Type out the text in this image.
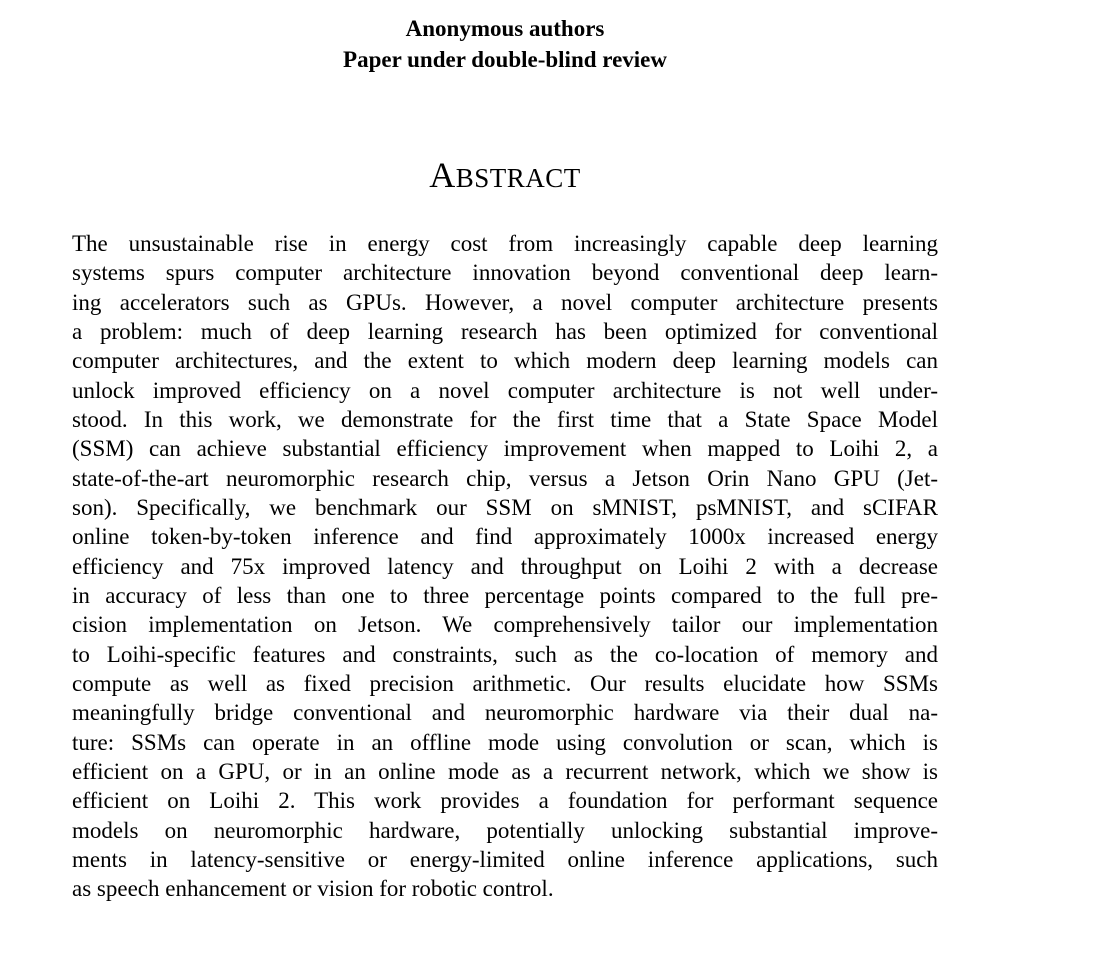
Anonymous authors
Paper under double-blind review
ABSTRACT
The unsustainable rise in energy cost from increasingly capable deep learning
systems spurs computer architecture innovation beyond conventional deep learn-
ing accelerators such as GPUs. However, a novel computer architecture presents
a problem: much of deep learning research has been optimized for conventional
computer architectures, and the extent to which modern deep learning models can
unlock improved efficiency on a novel computer architecture is not well under-
stood. In this work, we demonstrate for the first time that a State Space Model
(SSM) can achieve substantial efficiency improvement when mapped to Loihi 2, a
state-of-the-art neuromorphic research chip, versus a Jetson Orin Nano GPU (Jet-
son). Specifically, we benchmark our SSM on sMNIST, psMNIST, and sCIFAR
online token-by-token inference and find approximately 1000x increased energy
efficiency and 75x improved latency and throughput on Loihi 2 with a decrease
in accuracy of less than one to three percentage points compared to the full pre-
cision implementation on Jetson. We comprehensively tailor our implementation
to Loihi-specific features and constraints, such as the co-location of memory and
compute as well as fixed precision arithmetic. Our results elucidate how SSMs
meaningfully bridge conventional and neuromorphic hardware via their dual na-
ture: SSMs can operate in an offline mode using convolution or scan, which is
efficient on a GPU, or in an online mode as a recurrent network, which we show is
efficient on Loihi 2. This work provides a foundation for performant sequence
models on neuromorphic hardware, potentially unlocking substantial improve-
ments in latency-sensitive or energy-limited online inference applications, such
as speech enhancement or vision for robotic control.
